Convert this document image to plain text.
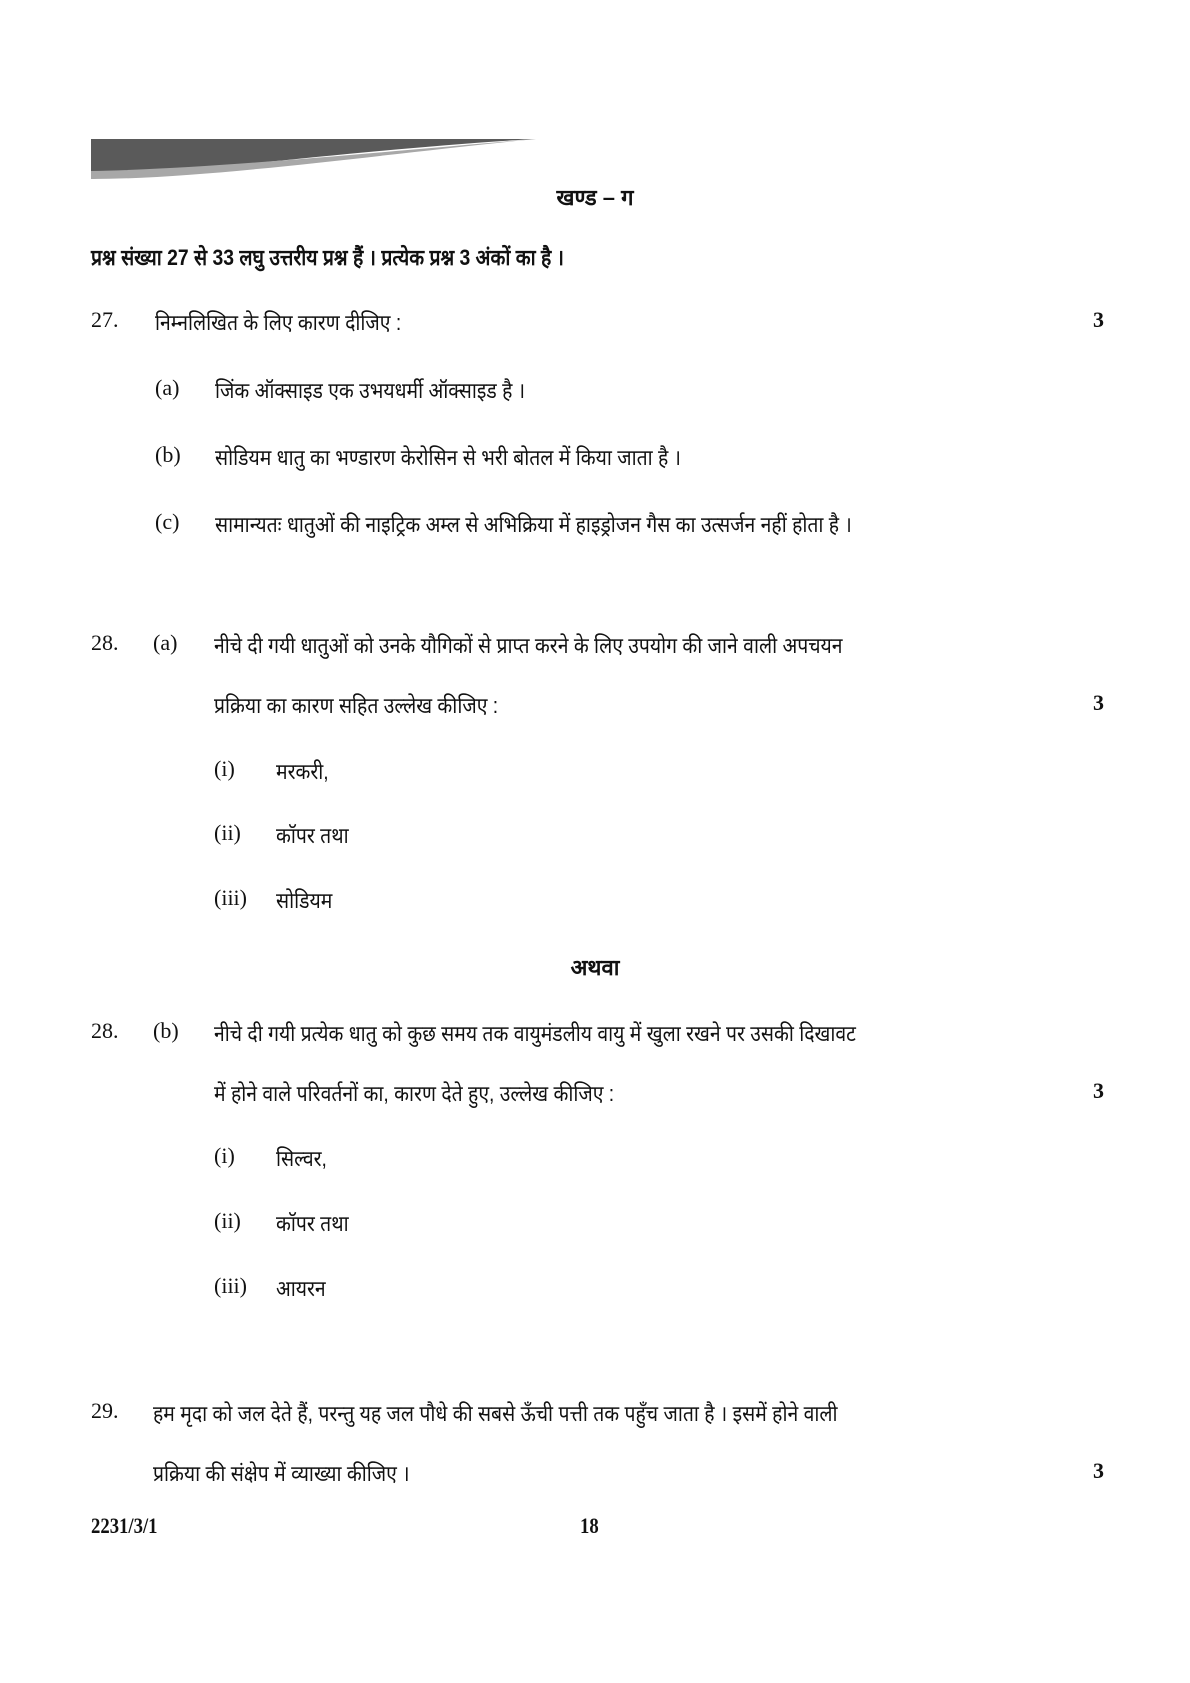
खण्ड – ग
प्रश्न संख्या 27 से 33 लघु उत्तरीय प्रश्न हैं । प्रत्येक प्रश्न 3 अंकों का है ।
27. निम्नलिखित के लिए कारण दीजिए :	3
(a) जिंक ऑक्साइड एक उभयधर्मी ऑक्साइड है ।
(b) सोडियम धातु का भण्डारण केरोसिन से भरी बोतल में किया जाता है ।
(c) सामान्यतः धातुओं की नाइट्रिक अम्ल से अभिक्रिया में हाइड्रोजन गैस का उत्सर्जन नहीं होता है ।
28. (a) नीचे दी गयी धातुओं को उनके यौगिकों से प्राप्त करने के लिए उपयोग की जाने वाली अपचयन
प्रक्रिया का कारण सहित उल्लेख कीजिए :	3
(i) मरकरी,
(ii) कॉपर तथा
(iii) सोडियम
अथवा
28. (b) नीचे दी गयी प्रत्येक धातु को कुछ समय तक वायुमंडलीय वायु में खुला रखने पर उसकी दिखावट
में होने वाले परिवर्तनों का, कारण देते हुए, उल्लेख कीजिए :	3
(i) सिल्वर,
(ii) कॉपर तथा
(iii) आयरन
29. हम मृदा को जल देते हैं, परन्तु यह जल पौधे की सबसे ऊँची पत्ती तक पहुँच जाता है । इसमें होने वाली
प्रक्रिया की संक्षेप में व्याख्या कीजिए ।	3
2231/3/1	18
